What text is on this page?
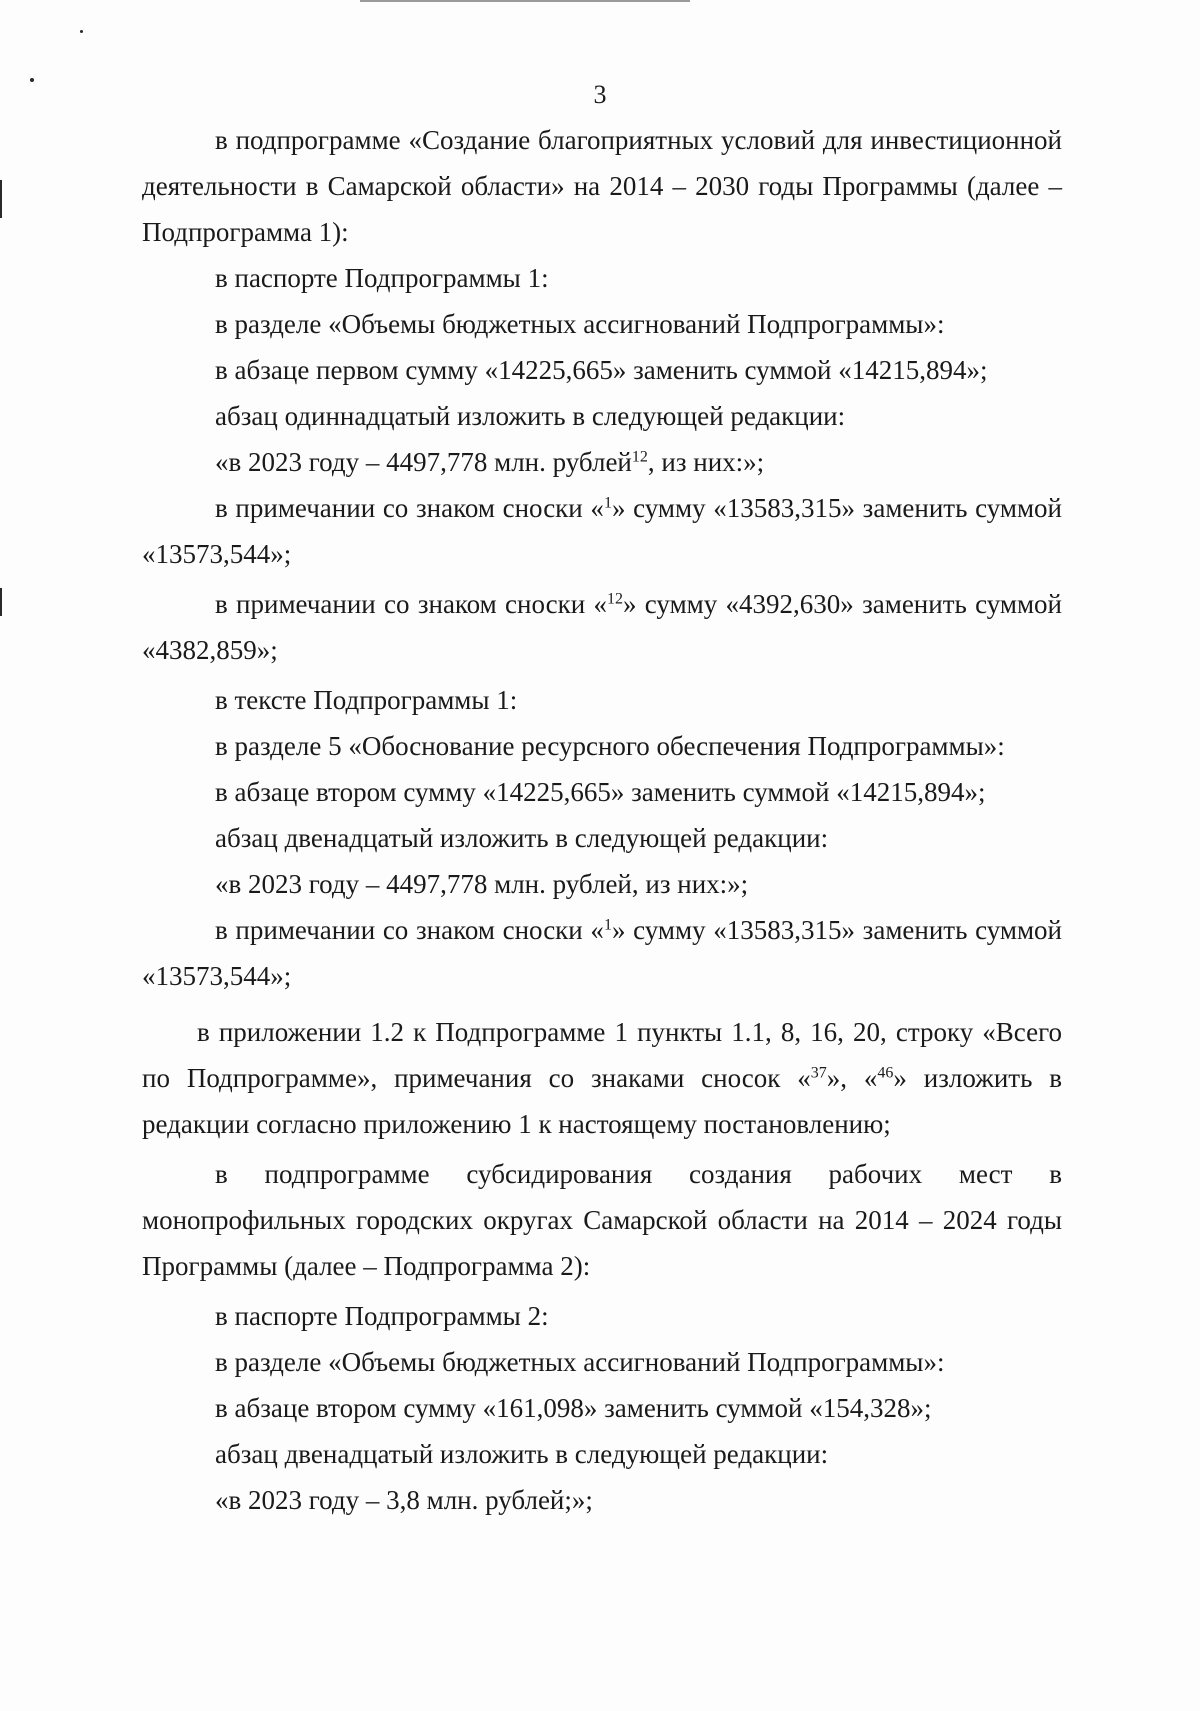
3

в подпрограмме «Создание благоприятных условий для инвестиционной деятельности в Самарской области» на 2014 – 2030 годы Программы (далее – Подпрограмма 1):

в паспорте Подпрограммы 1:

в разделе «Объемы бюджетных ассигнований Подпрограммы»:

в абзаце первом сумму «14225,665» заменить суммой «14215,894»;

абзац одиннадцатый изложить в следующей редакции:

«в 2023 году – 4497,778 млн. рублей$^{12}$, из них:»;

в примечании со знаком сноски «$^1$» сумму «13583,315» заменить суммой «13573,544»;

в примечании со знаком сноски «$^{12}$» сумму «4392,630» заменить суммой «4382,859»;

в тексте Подпрограммы 1:

в разделе 5 «Обоснование ресурсного обеспечения Подпрограммы»:

в абзаце втором сумму «14225,665» заменить суммой «14215,894»;

абзац двенадцатый изложить в следующей редакции:

«в 2023 году – 4497,778 млн. рублей, из них:»;

в примечании со знаком сноски «$^1$» сумму «13583,315» заменить суммой «13573,544»;

в приложении 1.2 к Подпрограмме 1 пункты 1.1, 8, 16, 20, строку «Всего по Подпрограмме», примечания со знаками сносок «$^{37}$», «$^{46}$» изложить в редакции согласно приложению 1 к настоящему постановлению;

в подпрограмме субсидирования создания рабочих мест в монопрофильных городских округах Самарской области на 2014 – 2024 годы Программы (далее – Подпрограмма 2):

в паспорте Подпрограммы 2:

в разделе «Объемы бюджетных ассигнований Подпрограммы»:

в абзаце втором сумму «161,098» заменить суммой «154,328»;

абзац двенадцатый изложить в следующей редакции:

«в 2023 году – 3,8 млн. рублей;»;
